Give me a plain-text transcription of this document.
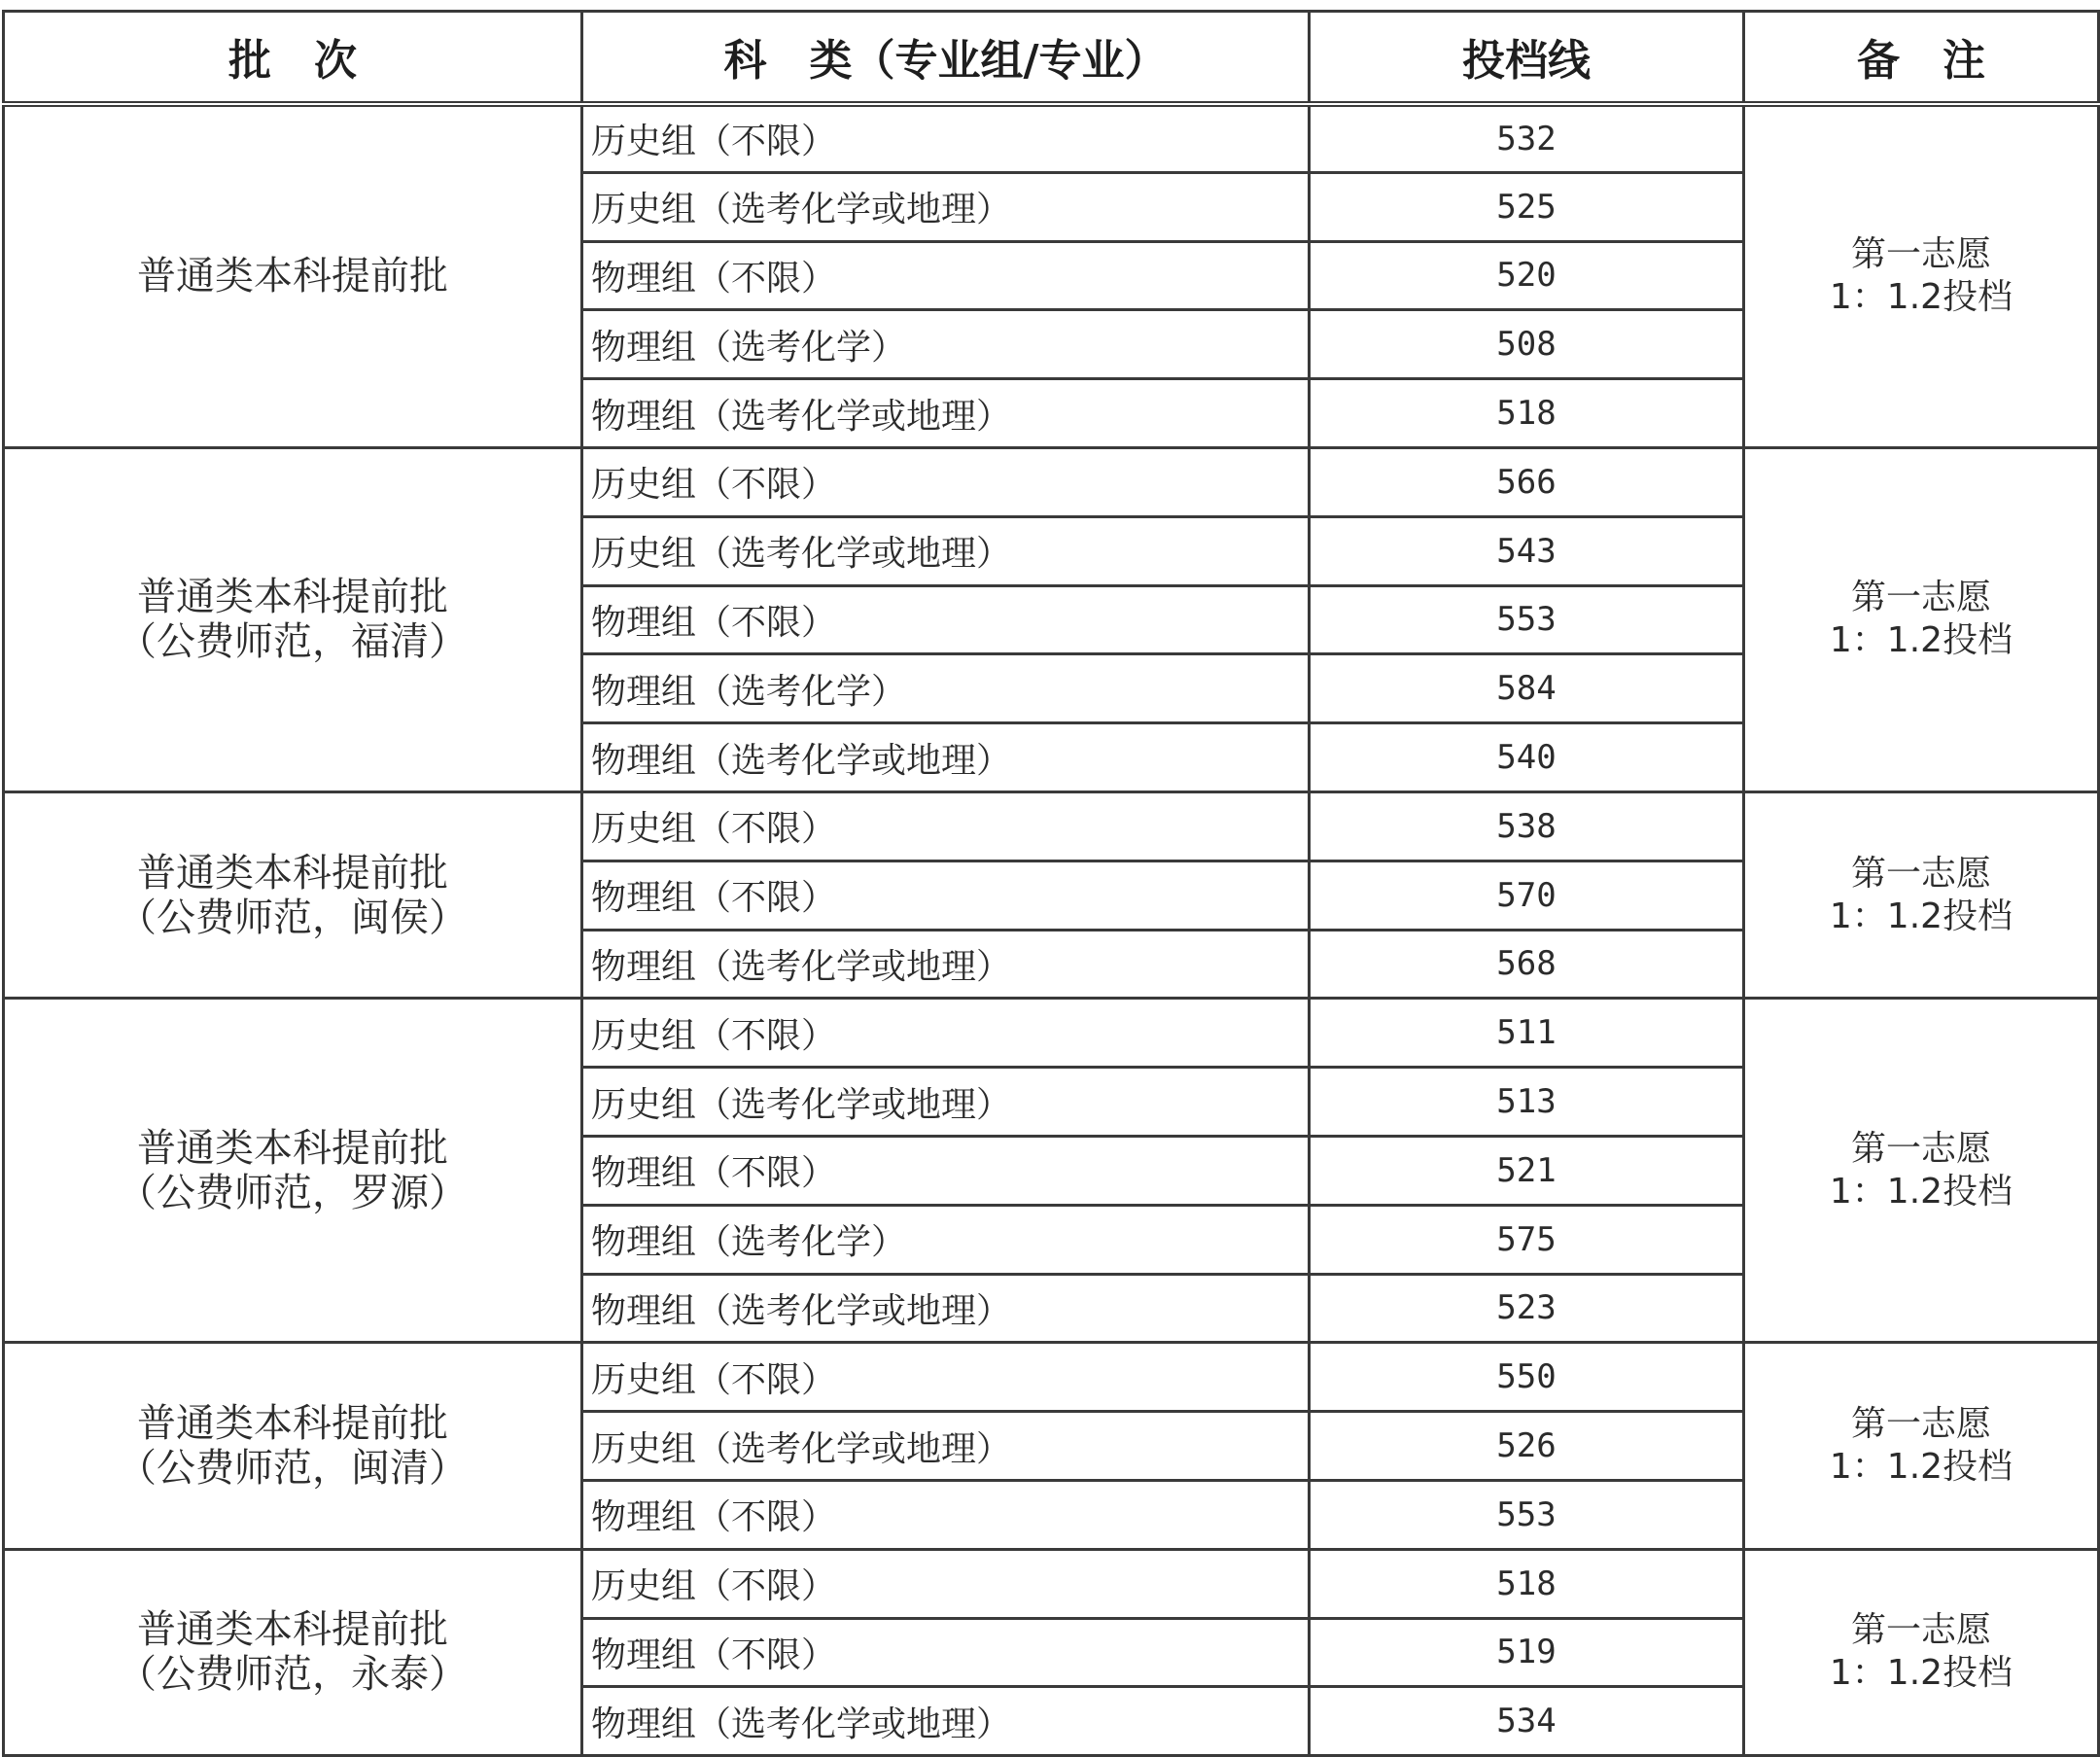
批　次	科　类（专业组/专业）	投档线	备　注

普通类本科提前批	历史组（不限）	532	第一志愿
1：1.2投档

	历史组（选考化学或地理）	525	
	物理组（不限）	520	
	物理组（选考化学）	508	
	物理组（选考化学或地理）	518	

普通类本科提前批
（公费师范，福清）	历史组（不限）	566	第一志愿
1：1.2投档

	历史组（选考化学或地理）	543	
	物理组（不限）	553	
	物理组（选考化学）	584	
	物理组（选考化学或地理）	540	

普通类本科提前批
（公费师范，闽侯）	历史组（不限）	538	第一志愿
1：1.2投档

	物理组（不限）	570	
	物理组（选考化学或地理）	568	

普通类本科提前批
（公费师范，罗源）	历史组（不限）	511	第一志愿
1：1.2投档

	历史组（选考化学或地理）	513	
	物理组（不限）	521	
	物理组（选考化学）	575	
	物理组（选考化学或地理）	523	

普通类本科提前批
（公费师范，闽清）	历史组（不限）	550	第一志愿
1：1.2投档

	历史组（选考化学或地理）	526	
	物理组（不限）	553	

普通类本科提前批
（公费师范，永泰）	历史组（不限）	518	第一志愿
1：1.2投档

	物理组（不限）	519	
	物理组（选考化学或地理）	534	
